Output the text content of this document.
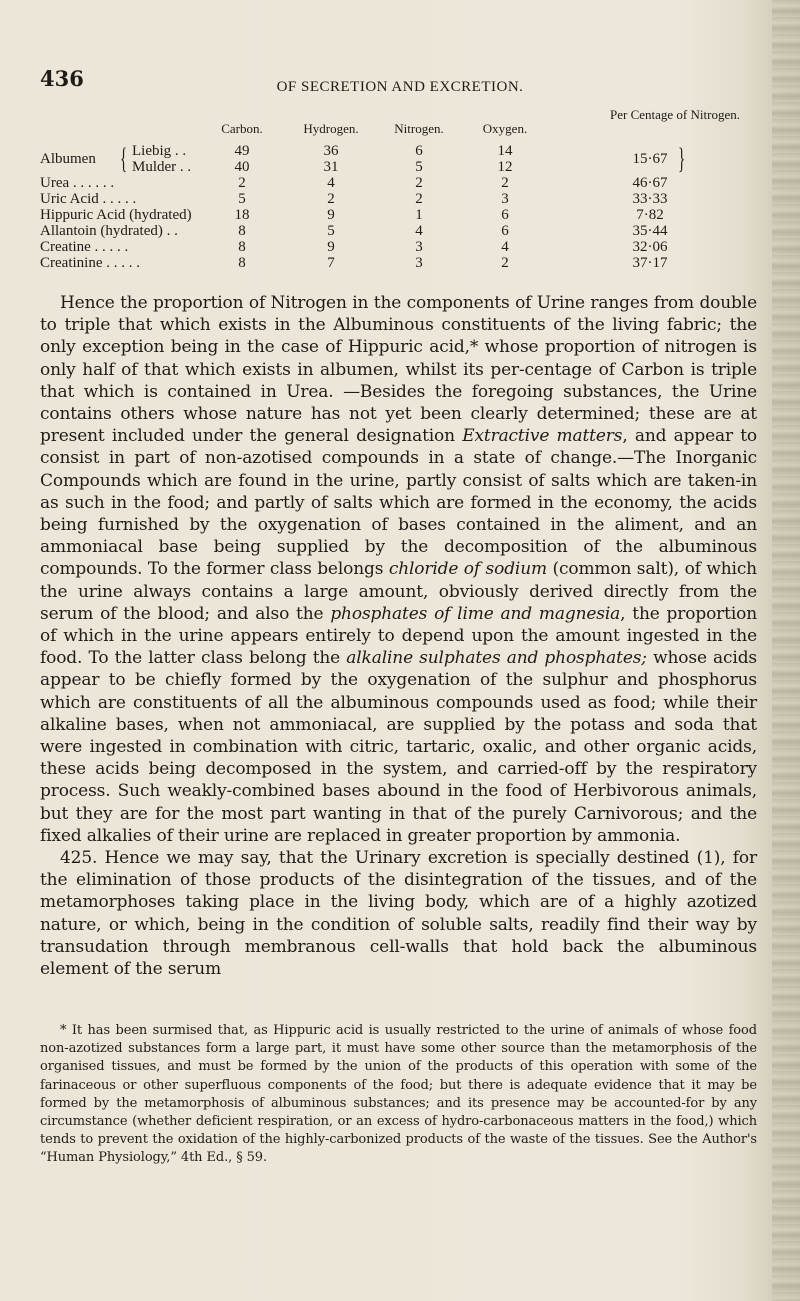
436	OF SECRETION AND EXCRETION.
Carbon.	Hydrogen.	Nitrogen.	Oxygen.
Per Centage of Nitrogen.
Albumen { Liebig . .	49	36	6	14
Mulder . .	40	31	5	12	15·67 }
Urea . . . . . .	2	4	2	2	46·67
Uric Acid . . . . .	5	2	2	3	33·33
Hippuric Acid (hydrated)	18	9	1	6	7·82
Allantoin (hydrated) . .	8	5	4	6	35·44
Creatine . . . . .	8	9	3	4	32·06
Creatinine . . . . .	8	7	3	2	37·17

Hence the proportion of Nitrogen in the components of Urine ranges from double to triple that which exists in the Albuminous constituents of the living fabric; the only exception being in the case of Hippuric acid,* whose proportion of nitrogen is only half of that which exists in albumen, whilst its per-centage of Carbon is triple that which is contained in Urea. —Besides the foregoing substances, the Urine contains others whose nature has not yet been clearly determined; these are at present included under the general designation Extractive matters, and appear to consist in part of non-azotised compounds in a state of change.—The Inorganic Compounds which are found in the urine, partly consist of salts which are taken-in as such in the food; and partly of salts which are formed in the economy, the acids being furnished by the oxygenation of bases contained in the aliment, and an ammoniacal base being supplied by the decomposition of the albuminous compounds. To the former class belongs chloride of sodium (common salt), of which the urine always contains a large amount, obviously derived directly from the serum of the blood; and also the phosphates of lime and magnesia, the proportion of which in the urine appears entirely to depend upon the amount ingested in the food. To the latter class belong the alkaline sulphates and phosphates; whose acids appear to be chiefly formed by the oxygenation of the sulphur and phosphorus which are constituents of all the albuminous compounds used as food; while their alkaline bases, when not ammoniacal, are supplied by the potass and soda that were ingested in combination with citric, tartaric, oxalic, and other organic acids, these acids being decomposed in the system, and carried-off by the respiratory process. Such weakly-combined bases abound in the food of Herbivorous animals, but they are for the most part wanting in that of the purely Carnivorous; and the fixed alkalies of their urine are replaced in greater proportion by ammonia.

425. Hence we may say, that the Urinary excretion is specially destined (1), for the elimination of those products of the disintegration of the tissues, and of the metamorphoses taking place in the living body, which are of a highly azotized nature, or which, being in the condition of soluble salts, readily find their way by transudation through membranous cell-walls that hold back the albuminous element of the serum

* It has been surmised that, as Hippuric acid is usually restricted to the urine of animals of whose food non-azotized substances form a large part, it must have some other source than the metamorphosis of the organised tissues, and must be formed by the union of the products of this operation with some of the farinaceous or other superfluous components of the food; but there is adequate evidence that it may be formed by the metamorphosis of albuminous substances; and its presence may be accounted-for by any circumstance (whether deficient respiration, or an excess of hydro-carbonaceous matters in the food,) which tends to prevent the oxidation of the highly-carbonized products of the waste of the tissues. See the Author's “Human Physiology,” 4th Ed., § 59.
